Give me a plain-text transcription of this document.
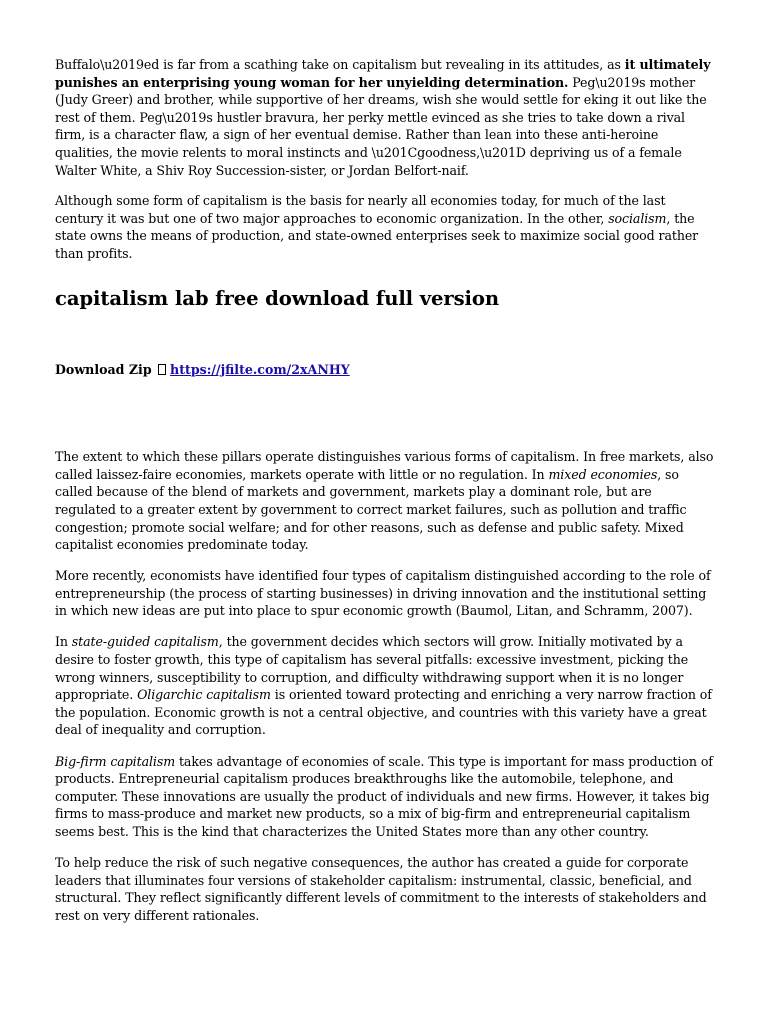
Buffalo\u2019ed is far from a scathing take on capitalism but revealing in its attitudes, as it ultimately punishes an enterprising young woman for her unyielding determination. Peg\u2019s mother (Judy Greer) and brother, while supportive of her dreams, wish she would settle for eking it out like the rest of them. Peg\u2019s hustler bravura, her perky mettle evinced as she tries to take down a rival firm, is a character flaw, a sign of her eventual demise. Rather than lean into these anti-heroine qualities, the movie relents to moral instincts and \u201Cgoodness,\u201D depriving us of a female Walter White, a Shiv Roy Succession-sister, or Jordan Belfort-naif.

Although some form of capitalism is the basis for nearly all economies today, for much of the last century it was but one of two major approaches to economic organization. In the other, socialism, the state owns the means of production, and state-owned enterprises seek to maximize social good rather than profits.

capitalism lab free download full version
Download Zip https://jfilte.com/2xANHY

The extent to which these pillars operate distinguishes various forms of capitalism. In free markets, also called laissez-faire economies, markets operate with little or no regulation. In mixed economies, so called because of the blend of markets and government, markets play a dominant role, but are regulated to a greater extent by government to correct market failures, such as pollution and traffic congestion; promote social welfare; and for other reasons, such as defense and public safety. Mixed capitalist economies predominate today.

More recently, economists have identified four types of capitalism distinguished according to the role of entrepreneurship (the process of starting businesses) in driving innovation and the institutional setting in which new ideas are put into place to spur economic growth (Baumol, Litan, and Schramm, 2007).

In state-guided capitalism, the government decides which sectors will grow. Initially motivated by a desire to foster growth, this type of capitalism has several pitfalls: excessive investment, picking the wrong winners, susceptibility to corruption, and difficulty withdrawing support when it is no longer appropriate. Oligarchic capitalism is oriented toward protecting and enriching a very narrow fraction of the population. Economic growth is not a central objective, and countries with this variety have a great deal of inequality and corruption.

Big-firm capitalism takes advantage of economies of scale. This type is important for mass production of products. Entrepreneurial capitalism produces breakthroughs like the automobile, telephone, and computer. These innovations are usually the product of individuals and new firms. However, it takes big firms to mass-produce and market new products, so a mix of big-firm and entrepreneurial capitalism seems best. This is the kind that characterizes the United States more than any other country.

To help reduce the risk of such negative consequences, the author has created a guide for corporate leaders that illuminates four versions of stakeholder capitalism: instrumental, classic, beneficial, and structural. They reflect significantly different levels of commitment to the interests of stakeholders and rest on very different rationales.
